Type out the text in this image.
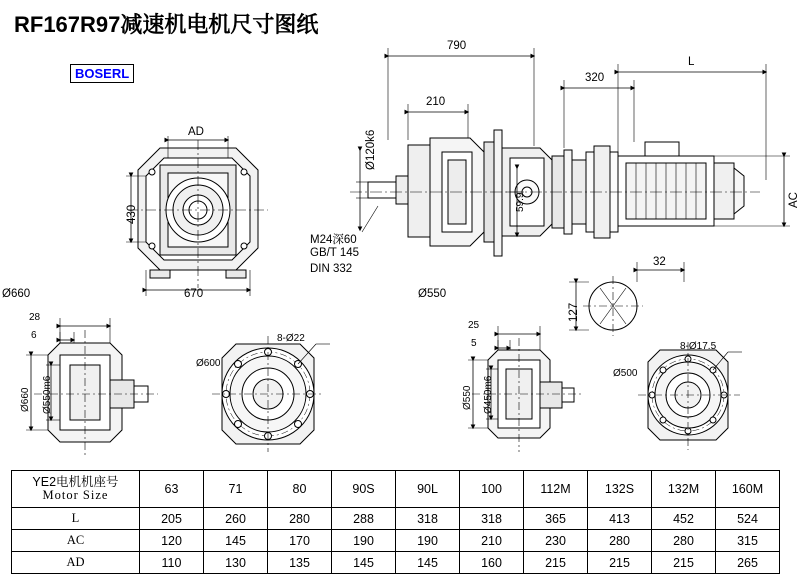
RF167R97减速机电机尺寸图纸
BOSERL
790
320
L
210
Ø120k6
59.9	AC
AD
430
670
Ø660	Ø550
32
127
28
6
Ø660 Ø550m6
Ø600
8-Ø22
25
5
Ø550 Ø450m6
Ø500
8-Ø17.5
M24深60
GB/T 145
DIN 332
YE2电机机座号
Motor Size	63	71	80	90S	90L	100	112M	132S	132M	160M
L	205	260	280	288	318	318	365	413	452	524
AC	120	145	170	190	190	210	230	280	280	315
AD	110	130	135	145	145	160	215	215	215	265
